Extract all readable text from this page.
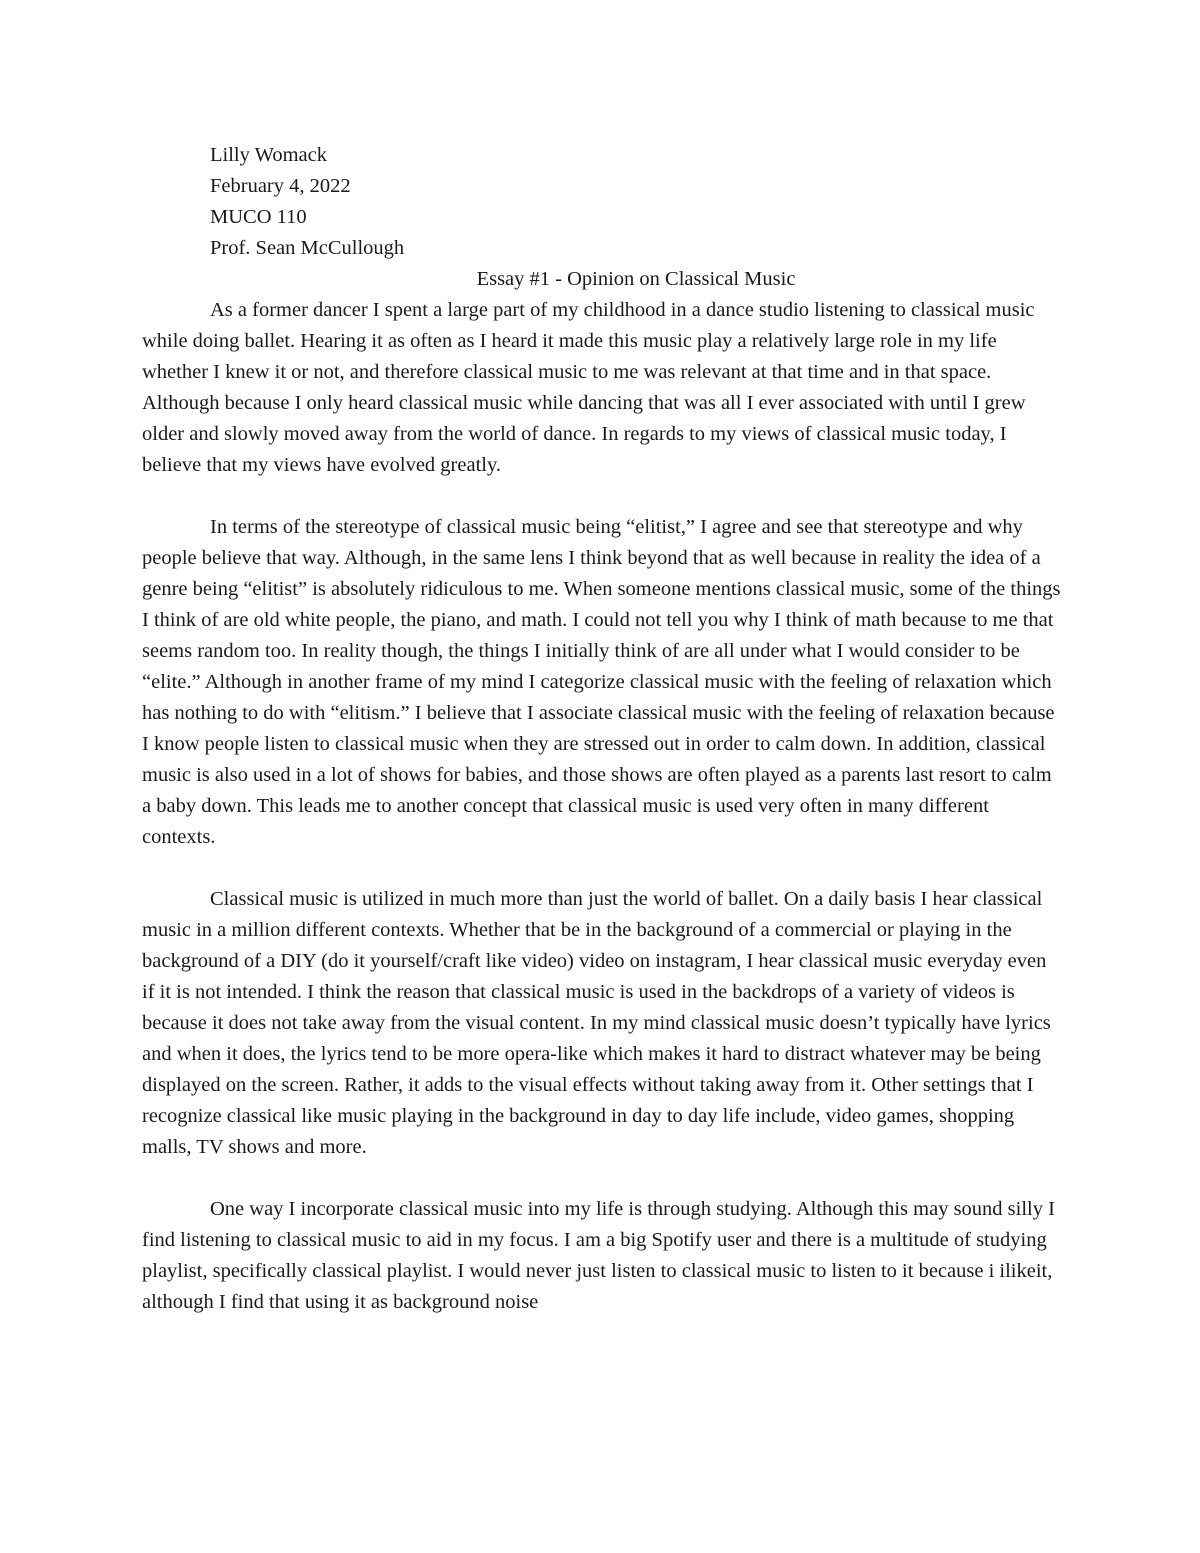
Lilly Womack
February 4, 2022
MUCO 110
Prof. Sean McCullough
Essay #1 - Opinion on Classical Music

As a former dancer I spent a large part of my childhood in a dance studio listening to classical music while doing ballet. Hearing it as often as I heard it made this music play a relatively large role in my life whether I knew it or not, and therefore classical music to me was relevant at that time and in that space. Although because I only heard classical music while dancing that was all I ever associated with until I grew older and slowly moved away from the world of dance. In regards to my views of classical music today, I believe that my views have evolved greatly.

In terms of the stereotype of classical music being “elitist,” I agree and see that stereotype and why people believe that way. Although, in the same lens I think beyond that as well because in reality the idea of a genre being “elitist” is absolutely ridiculous to me. When someone mentions classical music, some of the things I think of are old white people, the piano, and math. I could not tell you why I think of math because to me that seems random too. In reality though, the things I initially think of are all under what I would consider to be “elite.” Although in another frame of my mind I categorize classical music with the feeling of relaxation which has nothing to do with “elitism.” I believe that I associate classical music with the feeling of relaxation because I know people listen to classical music when they are stressed out in order to calm down. In addition, classical music is also used in a lot of shows for babies, and those shows are often played as a parents last resort to calm a baby down. This leads me to another concept that classical music is used very often in many different contexts.

Classical music is utilized in much more than just the world of ballet. On a daily basis I hear classical music in a million different contexts. Whether that be in the background of a commercial or playing in the background of a DIY (do it yourself/craft like video) video on instagram, I hear classical music everyday even if it is not intended. I think the reason that classical music is used in the backdrops of a variety of videos is because it does not take away from the visual content. In my mind classical music doesn’t typically have lyrics and when it does, the lyrics tend to be more opera-like which makes it hard to distract whatever may be being displayed on the screen. Rather, it adds to the visual effects without taking away from it. Other settings that I recognize classical like music playing in the background in day to day life include, video games, shopping malls, TV shows and more.

One way I incorporate classical music into my life is through studying. Although this may sound silly I find listening to classical music to aid in my focus. I am a big Spotify user and there is a multitude of studying playlist, specifically classical playlist. I would never just listen to classical music to listen to it because i ilikeit, although I find that using it as background noise
